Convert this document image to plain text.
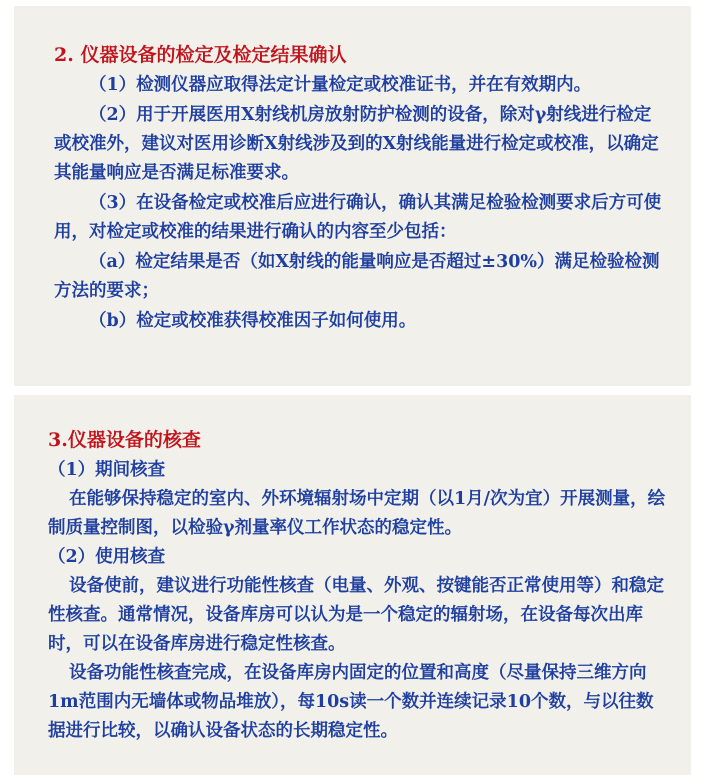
2. 仪器设备的检定及检定结果确认

（1）检测仪器应取得法定计量检定或校准证书，并在有效期内。

（2）用于开展医用X射线机房放射防护检测的设备，除对γ射线进行检定或校准外，建议对医用诊断X射线涉及到的X射线能量进行检定或校准，以确定其能量响应是否满足标准要求。

（3）在设备检定或校准后应进行确认，确认其满足检验检测要求后方可使用，对检定或校准的结果进行确认的内容至少包括：

（a）检定结果是否（如X射线的能量响应是否超过±30%）满足检验检测方法的要求；

（b）检定或校准获得校准因子如何使用。

3.仪器设备的核查

（1）期间核查

在能够保持稳定的室内、外环境辐射场中定期（以1月/次为宜）开展测量，绘制质量控制图，以检验γ剂量率仪工作状态的稳定性。

（2）使用核查

设备使前，建议进行功能性核查（电量、外观、按键能否正常使用等）和稳定性核查。通常情况，设备库房可以认为是一个稳定的辐射场，在设备每次出库时，可以在设备库房进行稳定性核查。

设备功能性核查完成，在设备库房内固定的位置和高度（尽量保持三维方向1m范围内无墙体或物品堆放），每10s读一个数并连续记录10个数，与以往数据进行比较，以确认设备状态的长期稳定性。
